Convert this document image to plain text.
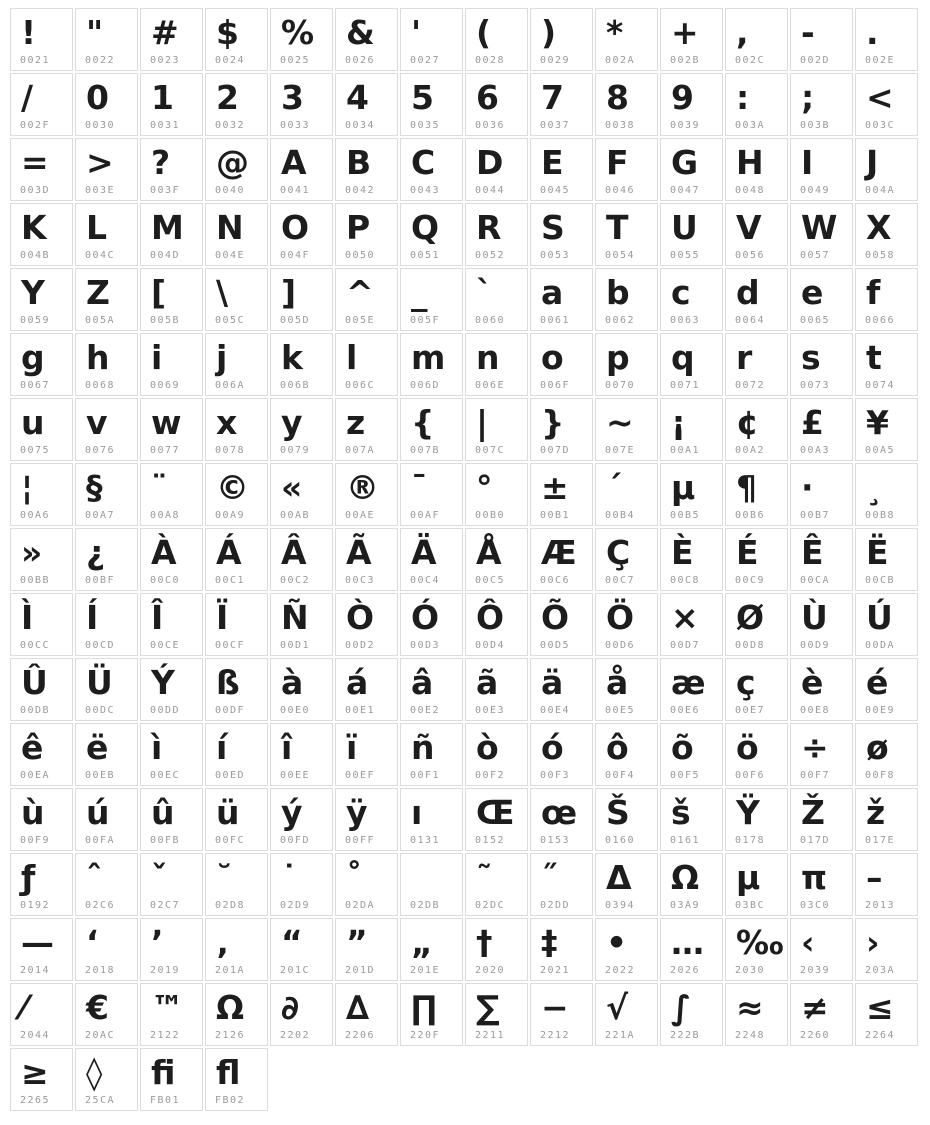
!
0021
"
0022
#
0023
$
0024
%
0025
&
0026
'
0027
(
0028
)
0029
*
002A
+
002B
,
002C
-
002D
.
002E
/
002F
0
0030
1
0031
2
0032
3
0033
4
0034
5
0035
6
0036
7
0037
8
0038
9
0039
:
003A
;
003B
<
003C
=
003D
>
003E
?
003F
@
0040
A
0041
B
0042
C
0043
D
0044
E
0045
F
0046
G
0047
H
0048
I
0049
J
004A
K
004B
L
004C
M
004D
N
004E
O
004F
P
0050
Q
0051
R
0052
S
0053
T
0054
U
0055
V
0056
W
0057
X
0058
Y
0059
Z
005A
[
005B
\
005C
]
005D
^
005E
_
005F
`
0060
a
0061
b
0062
c
0063
d
0064
e
0065
f
0066
g
0067
h
0068
i
0069
j
006A
k
006B
l
006C
m
006D
n
006E
o
006F
p
0070
q
0071
r
0072
s
0073
t
0074
u
0075
v
0076
w
0077
x
0078
y
0079
z
007A
{
007B
|
007C
}
007D
~
007E
¡
00A1
¢
00A2
£
00A3
¥
00A5
¦
00A6
§
00A7
¨
00A8
©
00A9
«
00AB
®
00AE
¯
00AF
°
00B0
±
00B1
´
00B4
µ
00B5
¶
00B6
·
00B7
¸
00B8
»
00BB
¿
00BF
À
00C0
Á
00C1
Â
00C2
Ã
00C3
Ä
00C4
Å
00C5
Æ
00C6
Ç
00C7
È
00C8
É
00C9
Ê
00CA
Ë
00CB
Ì
00CC
Í
00CD
Î
00CE
Ï
00CF
Ñ
00D1
Ò
00D2
Ó
00D3
Ô
00D4
Õ
00D5
Ö
00D6
×
00D7
Ø
00D8
Ù
00D9
Ú
00DA
Û
00DB
Ü
00DC
Ý
00DD
ß
00DF
à
00E0
á
00E1
â
00E2
ã
00E3
ä
00E4
å
00E5
æ
00E6
ç
00E7
è
00E8
é
00E9
ê
00EA
ë
00EB
ì
00EC
í
00ED
î
00EE
ï
00EF
ñ
00F1
ò
00F2
ó
00F3
ô
00F4
õ
00F5
ö
00F6
÷
00F7
ø
00F8
ù
00F9
ú
00FA
û
00FB
ü
00FC
ý
00FD
ÿ
00FF
ı
0131
Œ
0152
œ
0153
Š
0160
š
0161
Ÿ
0178
Ž
017D
ž
017E
ƒ
0192
ˆ
02C6
ˇ
02C7
˘
02D8
˙
02D9
˚
02DA	02DB
˜
02DC
˝
02DD
Δ
0394
Ω
03A9
μ
03BC
π
03C0
–
2013
—
2014
‘
2018
’
2019
‚
201A
“
201C
”
201D
„
201E
†
2020
‡
2021
•
2022
…
2026
‰
2030
‹
2039
›
203A
⁄
2044
€
20AC
™
2122
Ω
2126
∂
2202
∆
2206
∏
220F
∑
2211
−
2212
√
221A
∫
222B
≈
2248
≠
2260
≤
2264
≥
2265
◊
25CA
ﬁ
FB01
ﬂ
FB02
